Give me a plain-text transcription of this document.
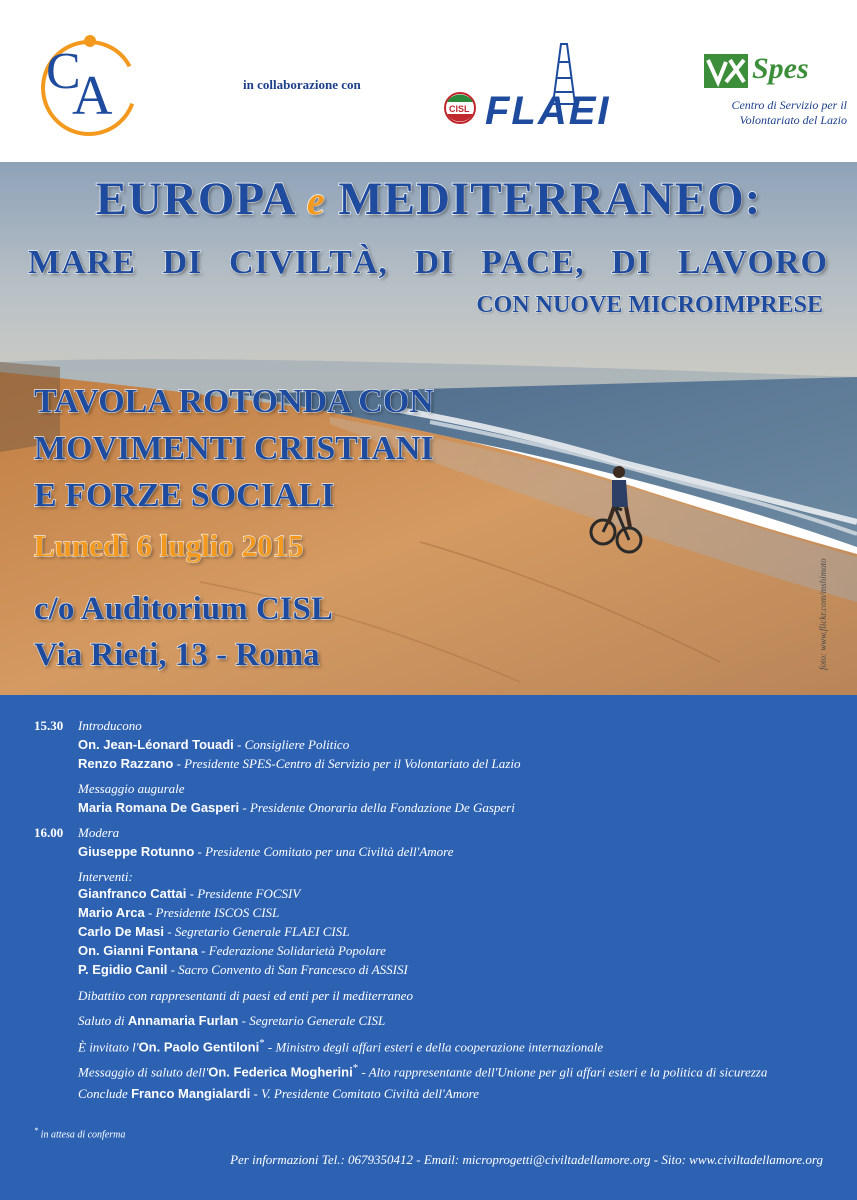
C
A	in collaborazione con
CISL FLAEI
Spes
Centro di Servizio per il Volontariato del Lazio
EUROPA e MEDITERRANEO:
MARE DI CIVILTÀ, DI PACE, DI LAVORO
CON NUOVE MICROIMPRESE
TAVOLA ROTONDA CON
MOVIMENTI CRISTIANI
E FORZE SOCIALI
Lunedì 6 luglio 2015
c/o Auditorium CISL
Via Rieti, 13 - Roma	foto: www.flickr.com/mshimoto
15.30 Introducono
On. Jean-Léonard Touadi - Consigliere Politico
Renzo Razzano - Presidente SPES-Centro di Servizio per il Volontariato del Lazio
Messaggio augurale
Maria Romana De Gasperi - Presidente Onoraria della Fondazione De Gasperi
16.00 Modera
Giuseppe Rotunno - Presidente Comitato per una Civiltà dell'Amore
Interventi:
Gianfranco Cattai - Presidente FOCSIV
Mario Arca - Presidente ISCOS CISL
Carlo De Masi - Segretario Generale FLAEI CISL
On. Gianni Fontana - Federazione Solidarietà Popolare
P. Egidio Canil - Sacro Convento di San Francesco di ASSISI
Dibattito con rappresentanti di paesi ed enti per il mediterraneo
Saluto di Annamaria Furlan - Segretario Generale CISL
È invitato l'On. Paolo Gentiloni* - Ministro degli affari esteri e della cooperazione internazionale
Messaggio di saluto dell'On. Federica Mogherini* - Alto rappresentante dell'Unione per gli affari esteri e la politica di sicurezza
Conclude Franco Mangialardi - V. Presidente Comitato Civiltà dell'Amore
* in attesa di conferma
Per informazioni Tel.: 0679350412 - Email: microprogetti@civiltadellamore.org - Sito: www.civiltadellamore.org
